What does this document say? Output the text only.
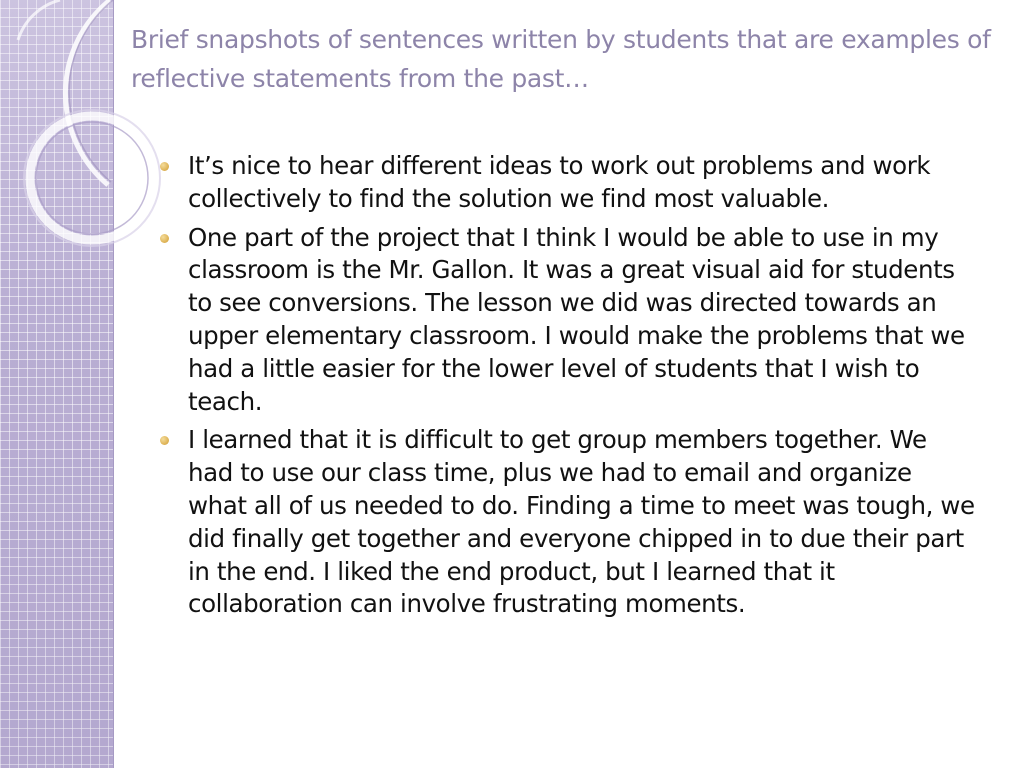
Brief snapshots of sentences written by students that are examples of reflective statements from the past…
It’s nice to hear different ideas to work out problems and work collectively to find the solution we find most valuable.
One part of the project that I think I would be able to use in my classroom is the Mr. Gallon. It was a great visual aid for students to see conversions. The lesson we did was directed towards an upper elementary classroom. I would make the problems that we had a little easier for the lower level of students that I wish to teach.
I learned that it is difficult to get group members together. We had to use our class time, plus we had to email and organize what all of us needed to do. Finding a time to meet was tough, we did finally get together and everyone chipped in to due their part in the end. I liked the end product, but I learned that it collaboration can involve frustrating moments.
